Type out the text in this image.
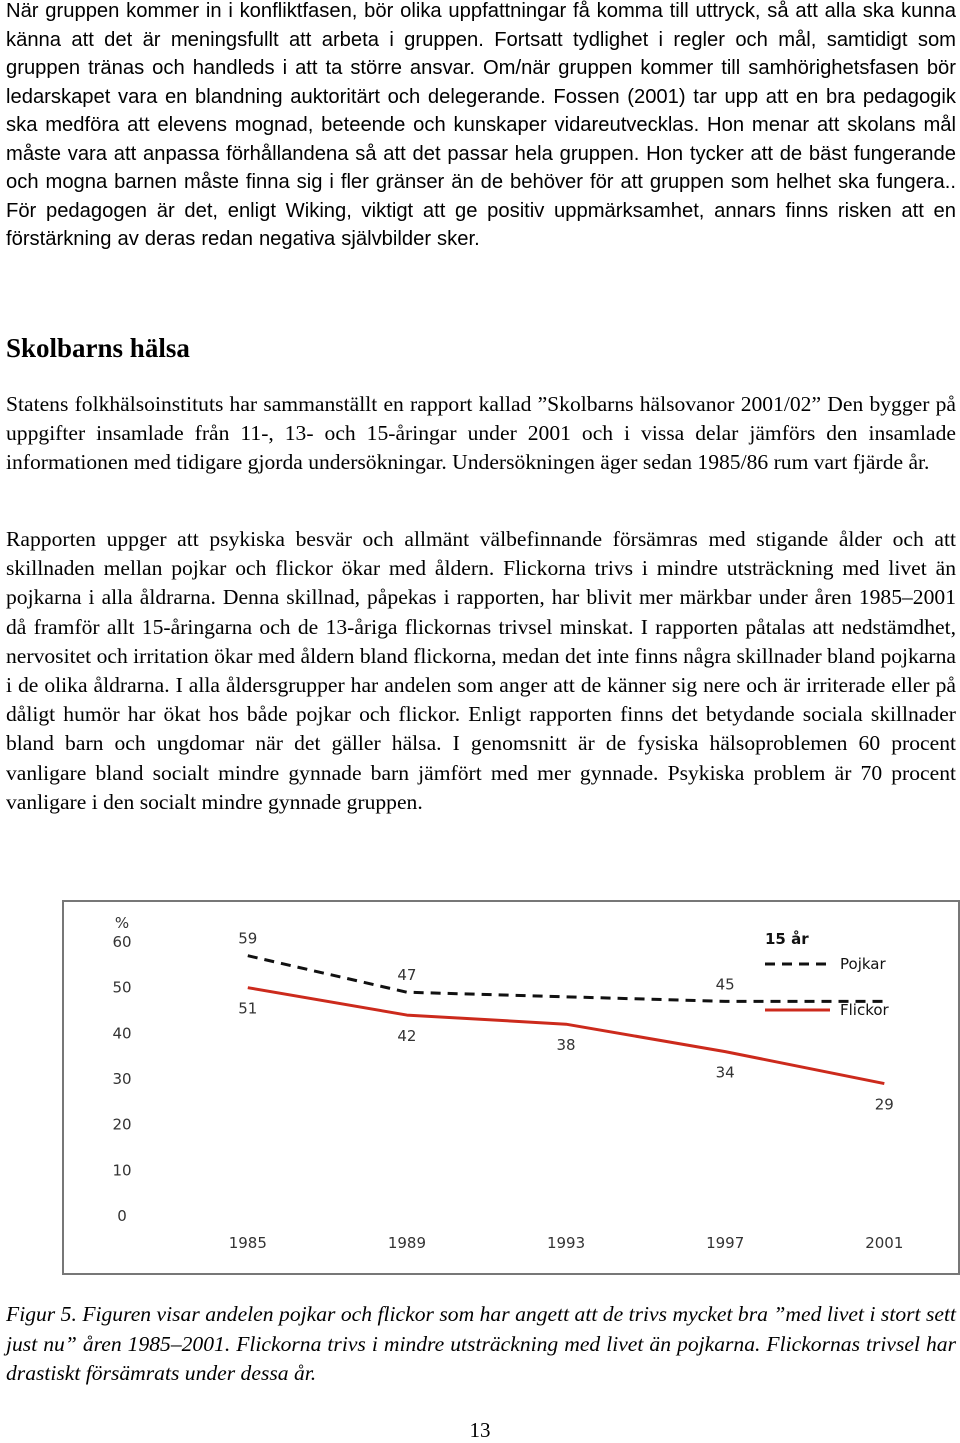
När gruppen kommer in i konfliktfasen, bör olika uppfattningar få komma till uttryck, så att alla ska kunna känna att det är meningsfullt att arbeta i gruppen. Fortsatt tydlighet i regler och mål, samtidigt som gruppen tränas och handleds i att ta större ansvar. Om/när gruppen kommer till samhörighetsfasen bör ledarskapet vara en blandning auktoritärt och delegerande. Fossen (2001) tar upp att en bra pedagogik ska medföra att elevens mognad, beteende och kunskaper vidareutvecklas. Hon menar att skolans mål måste vara att anpassa förhållandena så att det passar hela gruppen. Hon tycker att de bäst fungerande och mogna barnen måste finna sig i fler gränser än de behöver för att gruppen som helhet ska fungera.. För pedagogen är det, enligt Wiking, viktigt att ge positiv uppmärksamhet, annars finns risken att en förstärkning av deras redan negativa självbilder sker.
Skolbarns hälsa
Statens folkhälsoinstituts har sammanställt en rapport kallad ”Skolbarns hälsovanor 2001/02” Den bygger på uppgifter insamlade från 11-, 13- och 15-åringar under 2001 och i vissa delar jämförs den insamlade informationen med tidigare gjorda undersökningar. Undersökningen äger sedan 1985/86 rum vart fjärde år.
Rapporten uppger att psykiska besvär och allmänt välbefinnande försämras med stigande ålder och att skillnaden mellan pojkar och flickor ökar med åldern. Flickorna trivs i mindre utsträckning med livet än pojkarna i alla åldrarna. Denna skillnad, påpekas i rapporten, har blivit mer märkbar under åren 1985–2001 då framför allt 15-åringarna och de 13-åriga flickornas trivsel minskat. I rapporten påtalas att nedstämdhet, nervositet och irritation ökar med åldern bland flickorna, medan det inte finns några skillnader bland pojkarna i de olika åldrarna. I alla åldersgrupper har andelen som anger att de känner sig nere och är irriterade eller på dåligt humör har ökat hos både pojkar och flickor. Enligt rapporten finns det betydande sociala skillnader bland barn och ungdomar när det gäller hälsa. I genomsnitt är de fysiska hälsoproblemen 60 procent vanligare bland socialt mindre gynnade barn jämfört med mer gynnade. Psykiska problem är 70 procent vanligare i den socialt mindre gynnade gruppen.
%
0
10
20
30
40
50
60
1985	1989	1993	1997	2001
59
47
45
51
42
38
34
29
15 år
Pojkar
Flickor
Figur 5. Figuren visar andelen pojkar och flickor som har angett att de trivs mycket bra ”med livet i stort sett just nu” åren 1985–2001. Flickorna trivs i mindre utsträckning med livet än pojkarna. Flickornas trivsel har drastiskt försämrats under dessa år.
13
